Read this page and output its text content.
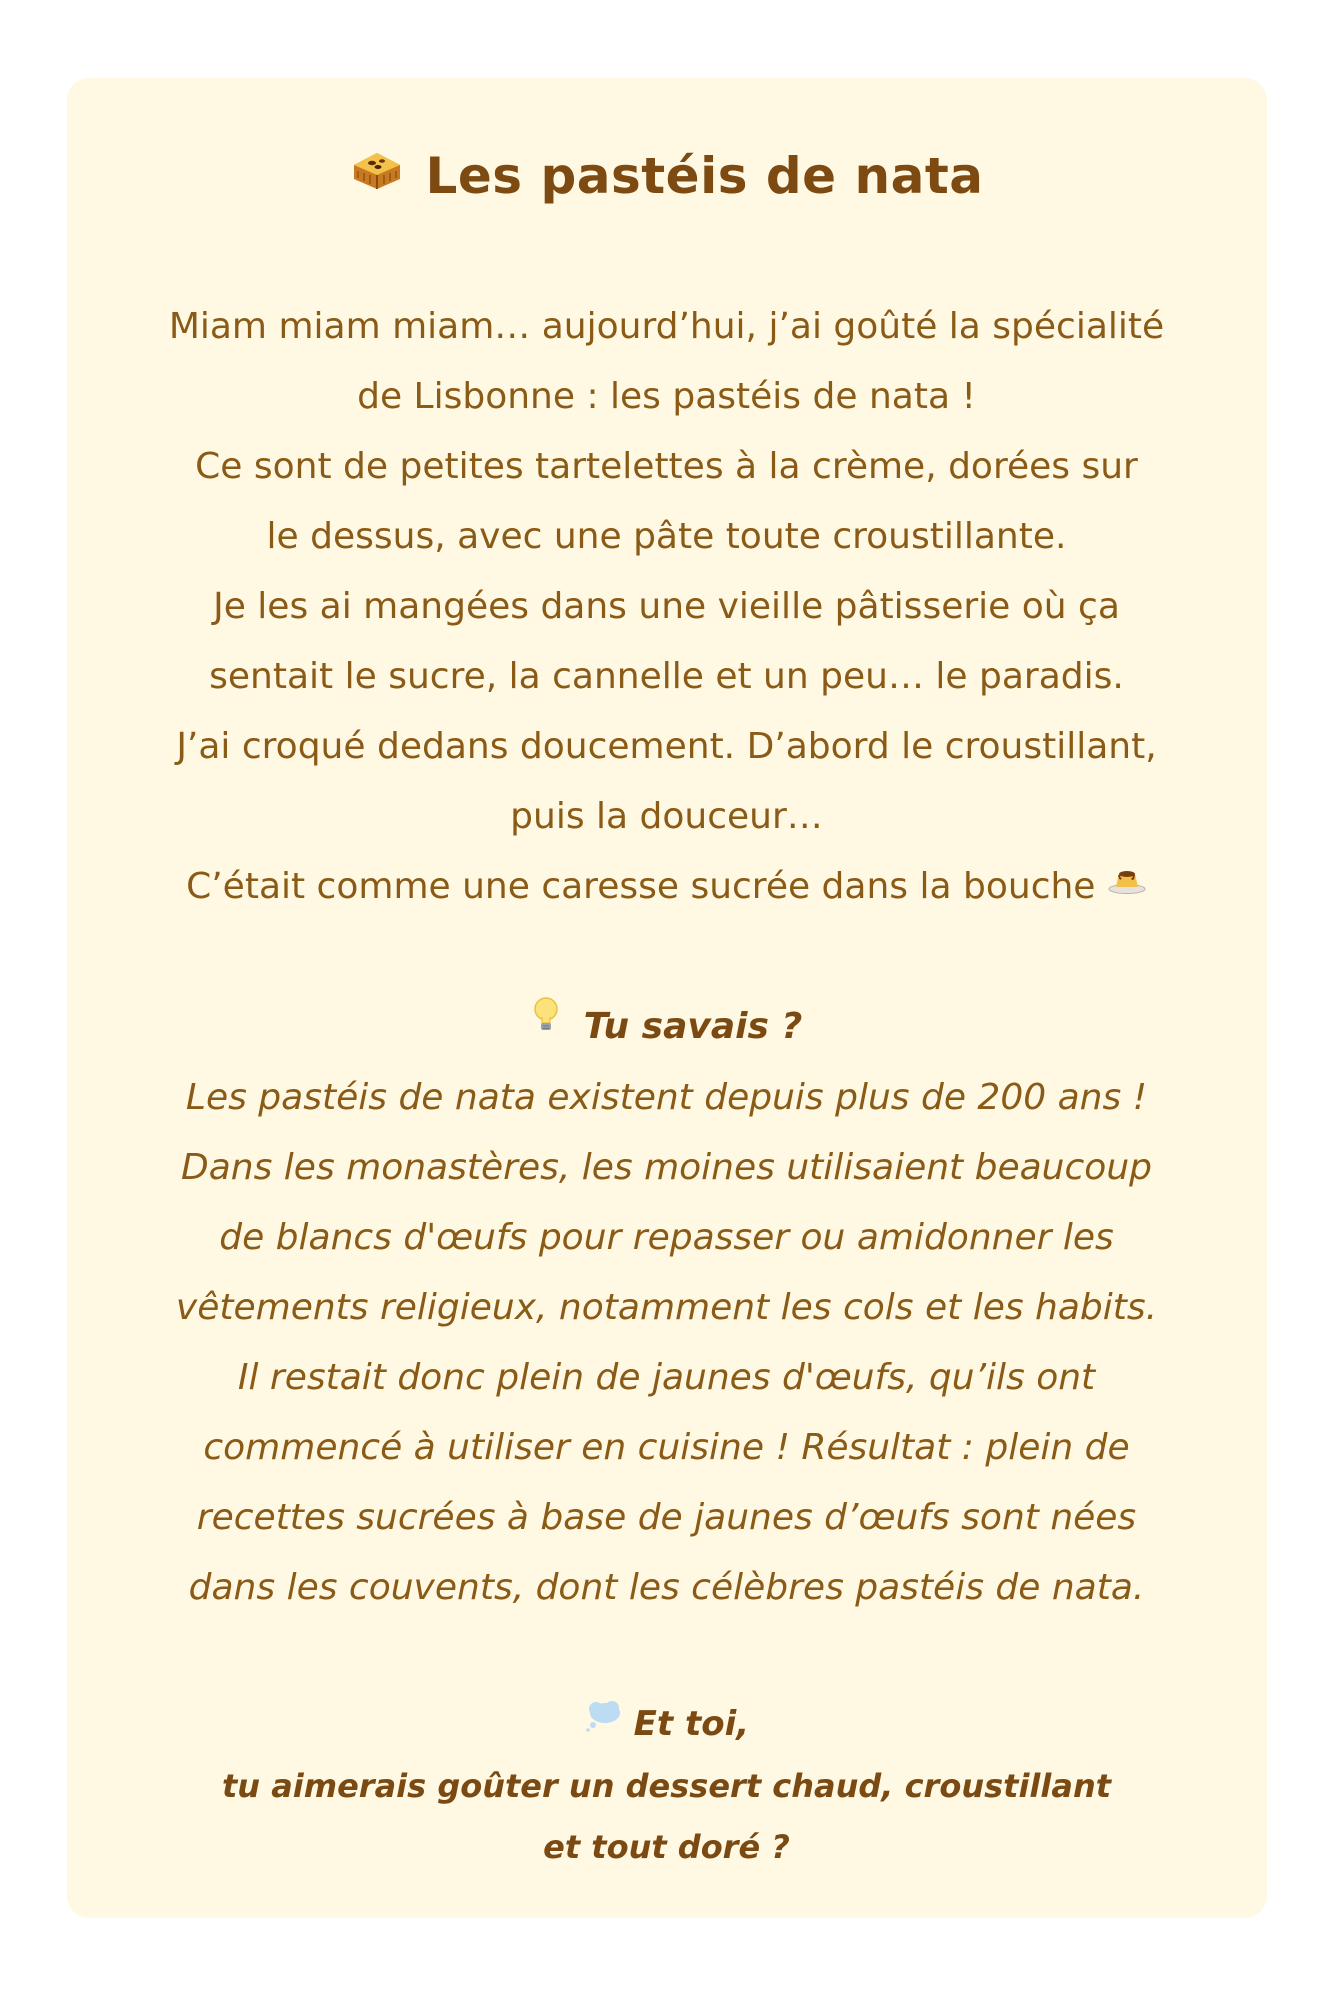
Les pastéis de nata
Miam miam miam… aujourd’hui, j’ai goûté la spécialité
de Lisbonne : les pastéis de nata !
Ce sont de petites tartelettes à la crème, dorées sur
le dessus, avec une pâte toute croustillante.
Je les ai mangées dans une vieille pâtisserie où ça
sentait le sucre, la cannelle et un peu… le paradis.
J’ai croqué dedans doucement. D’abord le croustillant,
puis la douceur…
C’était comme une caresse sucrée dans la bouche
Tu savais ?
Les pastéis de nata existent depuis plus de 200 ans !
Dans les monastères, les moines utilisaient beaucoup
de blancs d'œufs pour repasser ou amidonner les
vêtements religieux, notamment les cols et les habits.
Il restait donc plein de jaunes d'œufs, qu’ils ont
commencé à utiliser en cuisine ! Résultat : plein de
recettes sucrées à base de jaunes d’œufs sont nées
dans les couvents, dont les célèbres pastéis de nata.
Et toi,
tu aimerais goûter un dessert chaud, croustillant
et tout doré ?
